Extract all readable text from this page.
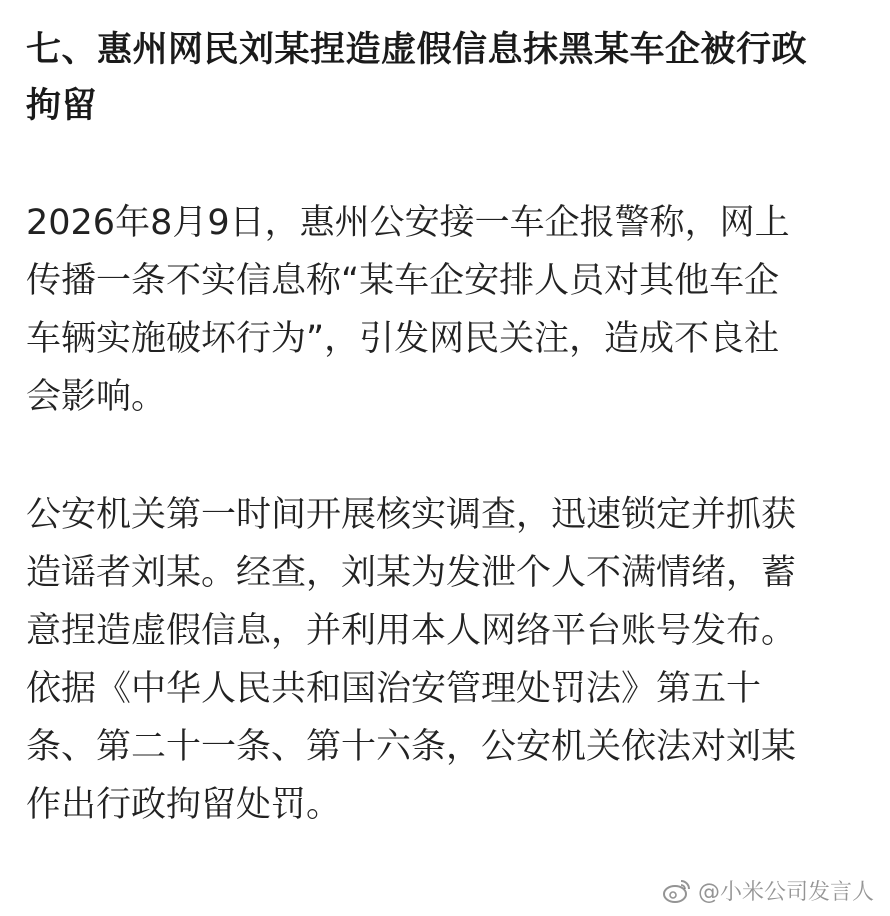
七、惠州网民刘某捏造虚假信息抹黑某车企被行政
拘留

2026年8月9日，惠州公安接一车企报警称，网上
传播一条不实信息称“某车企安排人员对其他车企
车辆实施破坏行为”，引发网民关注，造成不良社
会影响。

公安机关第一时间开展核实调查，迅速锁定并抓获
造谣者刘某。经查，刘某为发泄个人不满情绪，蓄
意捏造虚假信息，并利用本人网络平台账号发布。
依据《中华人民共和国治安管理处罚法》第五十
条、第二十一条、第十六条，公安机关依法对刘某
作出行政拘留处罚。

@小米公司发言人
